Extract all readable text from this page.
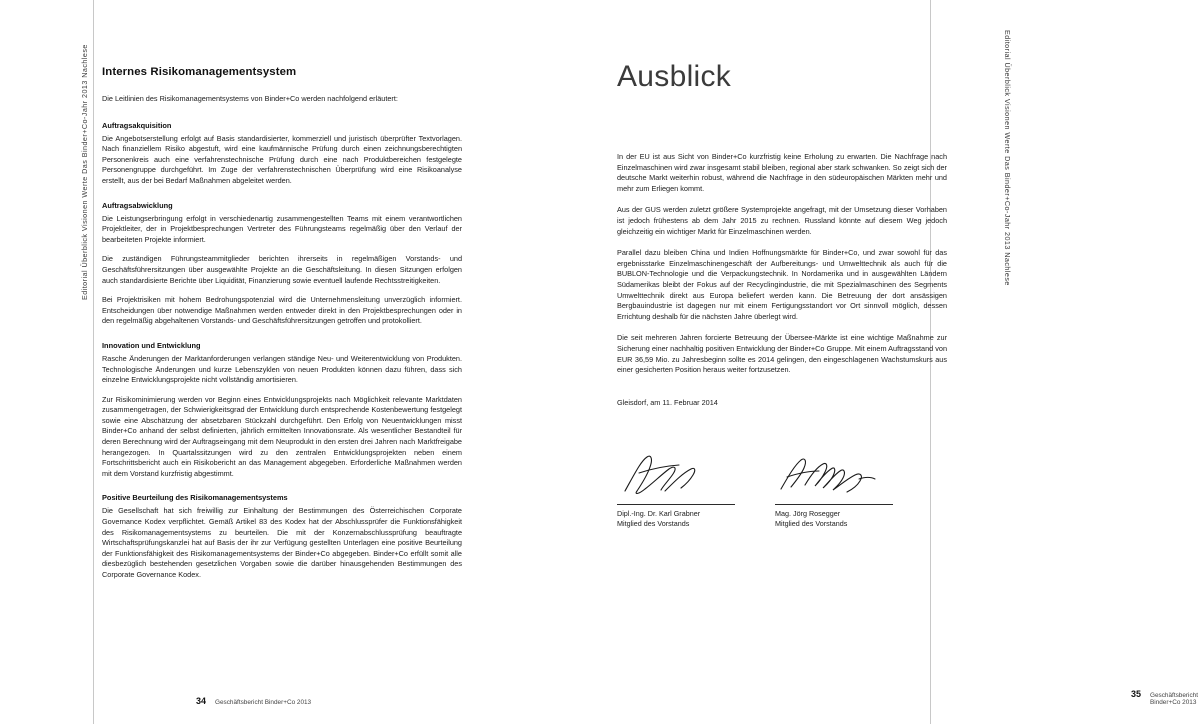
Editorial Überblick Visionen Werte Das Binder+Co-Jahr 2013 Nachlese	Editorial Überblick Visionen Werte Das Binder+Co-Jahr 2013 Nachlese
Internes Risikomanagementsystem

Die Leitlinien des Risikomanagementsystems von Binder+Co werden nachfolgend erläutert:

Auftragsakquisition

Die Angebotserstellung erfolgt auf Basis standardisierter, kommerziell und juristisch überprüfter Textvorlagen. Nach finanziellem Risiko abgestuft, wird eine kaufmännische Prüfung durch einen zeichnungsberechtigten Personenkreis auch eine verfahrenstechnische Prüfung durch eine nach Produktbereichen festgelegte Personengruppe durchgeführt. Im Zuge der verfahrenstechnischen Überprüfung wird eine Risikoanalyse erstellt, aus der bei Bedarf Maßnahmen abgeleitet werden.

Auftragsabwicklung

Die Leistungserbringung erfolgt in verschiedenartig zusammengestellten Teams mit einem verantwortlichen Projektleiter, der in Projektbesprechungen Vertreter des Führungsteams regelmäßig über den Verlauf der bearbeiteten Projekte informiert.

Die zuständigen Führungsteammitglieder berichten ihrerseits in regelmäßigen Vorstands- und Geschäftsführersitzungen über ausgewählte Projekte an die Geschäftsleitung. In diesen Sitzungen erfolgen auch standardisierte Berichte über Liquidität, Finanzierung sowie eventuell laufende Rechtsstreitigkeiten.

Bei Projektrisiken mit hohem Bedrohungspotenzial wird die Unternehmensleitung unverzüglich informiert. Entscheidungen über notwendige Maßnahmen werden entweder direkt in den Projektbesprechungen oder in den regelmäßig abgehaltenen Vorstands- und Geschäftsführersitzungen getroffen und protokolliert.

Innovation und Entwicklung

Rasche Änderungen der Marktanforderungen verlangen ständige Neu- und Weiterentwicklung von Produkten. Technologische Änderungen und kurze Lebenszyklen von neuen Produkten können dazu führen, dass sich einzelne Entwicklungsprojekte nicht vollständig amortisieren.

Zur Risikominimierung werden vor Beginn eines Entwicklungsprojekts nach Möglichkeit relevante Marktdaten zusammengetragen, der Schwierigkeitsgrad der Entwicklung durch entsprechende Kostenbewertung festgelegt sowie eine Abschätzung der absetzbaren Stückzahl durchgeführt. Den Erfolg von Neuentwicklungen misst Binder+Co anhand der selbst definierten, jährlich ermittelten Innovationsrate. Als wesentlicher Bestandteil für deren Berechnung wird der Auftragseingang mit dem Neuprodukt in den ersten drei Jahren nach Marktfreigabe herangezogen. In Quartalssitzungen wird zu den zentralen Entwicklungsprojekten neben einem Fortschrittsbericht auch ein Risikobericht an das Management abgegeben. Erforderliche Maßnahmen werden mit dem Vorstand kurzfristig abgestimmt.

Positive Beurteilung des Risikomanagementsystems

Die Gesellschaft hat sich freiwillig zur Einhaltung der Bestimmungen des Österreichischen Corporate Governance Kodex verpflichtet. Gemäß Artikel 83 des Kodex hat der Abschlussprüfer die Funktionsfähigkeit des Risikomanagementsystems zu beurteilen. Die mit der Konzernabschlussprüfung beauftragte Wirtschaftsprüfungskanzlei hat auf Basis der ihr zur Verfügung gestellten Unterlagen eine positive Beurteilung der Funktionsfähigkeit des Risikomanagementsystems der Binder+Co abgegeben. Binder+Co erfüllt somit alle diesbezüglich bestehenden gesetzlichen Vorgaben sowie die darüber hinausgehenden Bestimmungen des Corporate Governance Kodex.

34 Geschäftsbericht Binder+Co 2013
Ausblick

In der EU ist aus Sicht von Binder+Co kurzfristig keine Erholung zu erwarten. Die Nachfrage nach Einzelmaschinen wird zwar insgesamt stabil bleiben, regional aber stark schwanken. So zeigt sich der deutsche Markt weiterhin robust, während die Nachfrage in den südeuropäischen Märkten mehr und mehr zum Erliegen kommt.

Aus der GUS werden zuletzt größere Systemprojekte angefragt, mit der Umsetzung dieser Vorhaben ist jedoch frühestens ab dem Jahr 2015 zu rechnen. Russland könnte auf diesem Weg jedoch gleichzeitig ein wichtiger Markt für Einzelmaschinen werden.

Parallel dazu bleiben China und Indien Hoffnungsmärkte für Binder+Co, und zwar sowohl für das ergebnisstarke Einzelmaschinengeschäft der Aufbereitungs- und Umwelttechnik als auch für die BUBLON-Technologie und die Verpackungstechnik. In Nordamerika und in ausgewählten Ländern Südamerikas bleibt der Fokus auf der Recyclingindustrie, die mit Spezialmaschinen des Segments Umwelttechnik direkt aus Europa beliefert werden kann. Die Betreuung der dort ansässigen Bergbauindustrie ist dagegen nur mit einem Fertigungsstandort vor Ort sinnvoll möglich, dessen Errichtung deshalb für die nächsten Jahre überlegt wird.

Die seit mehreren Jahren forcierte Betreuung der Übersee-Märkte ist eine wichtige Maßnahme zur Sicherung einer nachhaltig positiven Entwicklung der Binder+Co Gruppe. Mit einem Auftragsstand von EUR 36,59 Mio. zu Jahresbeginn sollte es 2014 gelingen, den eingeschlagenen Wachstumskurs aus einer gesicherten Position heraus weiter fortzusetzen.

Gleisdorf, am 11. Februar 2014

Dipl.-Ing. Dr. Karl Grabner
Mitglied des Vorstands
Mag. Jörg Rosegger
Mitglied des Vorstands
35 Geschäftsbericht Binder+Co 2013
